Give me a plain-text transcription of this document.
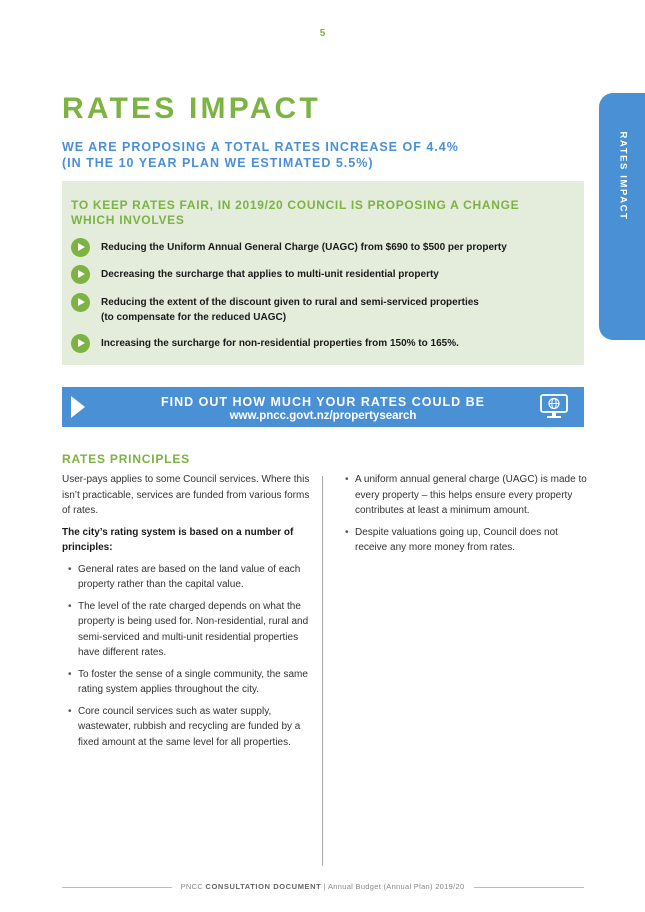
5
RATES IMPACT
RATES IMPACT
WE ARE PROPOSING A TOTAL RATES INCREASE OF 4.4%
(IN THE 10 YEAR PLAN WE ESTIMATED 5.5%)
TO KEEP RATES FAIR, IN 2019/20 COUNCIL IS PROPOSING A CHANGE
WHICH INVOLVES
Reducing the Uniform Annual General Charge (UAGC) from $690 to $500 per property
Decreasing the surcharge that applies to multi-unit residential property
Reducing the extent of the discount given to rural and semi-serviced properties
(to compensate for the reduced UAGC)
Increasing the surcharge for non-residential properties from 150% to 165%.
FIND OUT HOW MUCH YOUR RATES COULD BE
www.pncc.govt.nz/propertysearch
RATES PRINCIPLES

User-pays applies to some Council services. Where this isn’t practicable, services are funded from various forms of rates.

The city’s rating system is based on a number of principles:

• General rates are based on the land value of each property rather than the capital value.
• The level of the rate charged depends on what the property is being used for. Non-residential, rural and semi-serviced and multi-unit residential properties have different rates.
• To foster the sense of a single community, the same rating system applies throughout the city.
• Core council services such as water supply, wastewater, rubbish and recycling are funded by a fixed amount at the same level for all properties.
• A uniform annual general charge (UAGC) is made to every property – this helps ensure every property contributes at least a minimum amount.
• Despite valuations going up, Council does not receive any more money from rates.
PNCC CONSULTATION DOCUMENT | Annual Budget (Annual Plan) 2019/20
